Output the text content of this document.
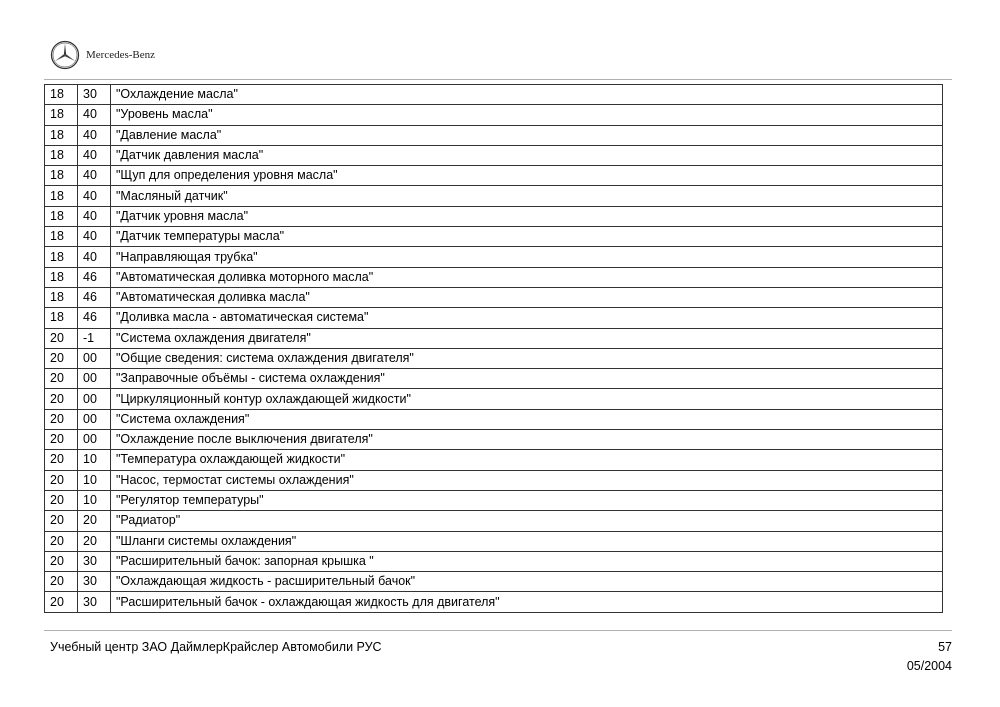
Mercedes-Benz
18	30	"Охлаждение масла"
18	40	"Уровень масла"
18	40	"Давление масла"
18	40	"Датчик давления масла"
18	40	"Щуп для определения уровня масла"
18	40	"Масляный датчик"
18	40	"Датчик уровня масла"
18	40	"Датчик температуры масла"
18	40	"Направляющая трубка"
18	46	"Автоматическая доливка моторного масла"
18	46	"Автоматическая доливка масла"
18	46	"Доливка масла - автоматическая система"
20	-1	"Система охлаждения двигателя"
20	00	"Общие сведения: система охлаждения двигателя"
20	00	"Заправочные объёмы - система охлаждения"
20	00	"Циркуляционный контур охлаждающей жидкости"
20	00	"Система охлаждения"
20	00	"Охлаждение после выключения двигателя"
20	10	"Температура охлаждающей жидкости"
20	10	"Насос, термостат системы охлаждения"
20	10	"Регулятор температуры"
20	20	"Радиатор"
20	20	"Шланги системы охлаждения"
20	30	"Расширительный бачок: запорная крышка "
20	30	"Охлаждающая жидкость - расширительный бачок"
20	30	"Расширительный бачок - охлаждающая жидкость для двигателя"
Учебный центр ЗАО ДаймлерКрайслер Автомобили РУС	57
05/2004
